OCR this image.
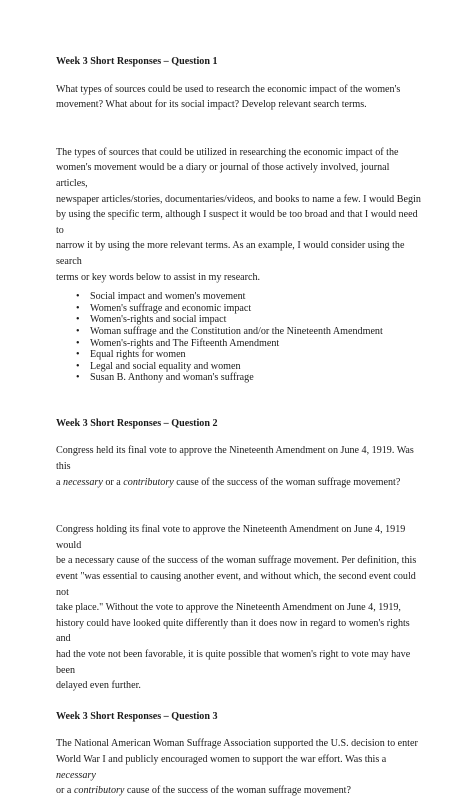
Week 3 Short Responses – Question 1

What types of sources could be used to research the economic impact of the women's
movement? What about for its social impact? Develop relevant search terms.

The types of sources that could be utilized in researching the economic impact of the
women's movement would be a diary or journal of those actively involved, journal articles,
newspaper articles/stories, documentaries/videos, and books to name a few. I would Begin
by using the specific term, although I suspect it would be too broad and that I would need to
narrow it by using the more relevant terms. As an example, I would consider using the search
terms or key words below to assist in my research.

• Social impact and women's movement
• Women's suffrage and economic impact
• Women's-rights and social impact
• Woman suffrage and the Constitution and/or the Nineteenth Amendment
• Women's-rights and The Fifteenth Amendment
• Equal rights for women
• Legal and social equality and women
• Susan B. Anthony and woman's suffrage

Week 3 Short Responses – Question 2

Congress held its final vote to approve the Nineteenth Amendment on June 4, 1919. Was this
a necessary or a contributory cause of the success of the woman suffrage movement?

Congress holding its final vote to approve the Nineteenth Amendment on June 4, 1919 would
be a necessary cause of the success of the woman suffrage movement. Per definition, this
event "was essential to causing another event, and without which, the second event could not
take place." Without the vote to approve the Nineteenth Amendment on June 4, 1919,
history could have looked quite differently than it does now in regard to women's rights and
had the vote not been favorable, it is quite possible that women's right to vote may have been
delayed even further.

Week 3 Short Responses – Question 3

The National American Woman Suffrage Association supported the U.S. decision to enter
World War I and publicly encouraged women to support the war effort. Was this a necessary
or a contributory cause of the success of the woman suffrage movement?
